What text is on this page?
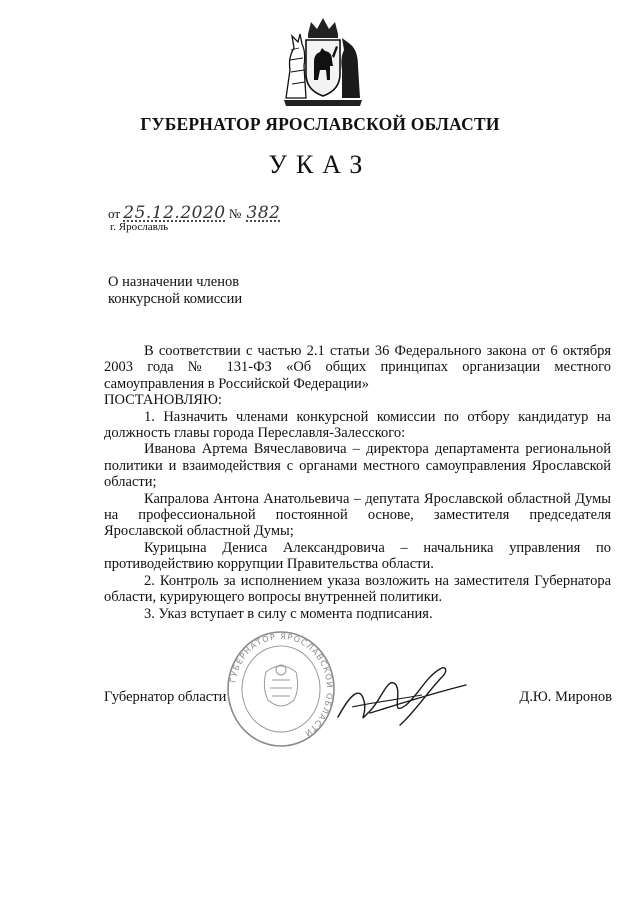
ГУБЕРНАТОР ЯРОСЛАВСКОЙ ОБЛАСТИ
УКАЗ
от 25.12.2020 № 382
г. Ярославль
О назначении членов
конкурсной комиссии

В соответствии с частью 2.1 статьи 36 Федерального закона от 6 октября 2003 года № 131-ФЗ «Об общих принципах организации местного самоуправления в Российской Федерации»

ПОСТАНОВЛЯЮ:

1. Назначить членами конкурсной комиссии по отбору кандидатур на должность главы города Переславля-Залесского:

Иванова Артема Вячеславовича – директора департамента региональной политики и взаимодействия с органами местного самоуправления Ярославской области;

Капралова Антона Анатольевича – депутата Ярославской областной Думы на профессиональной постоянной основе, заместителя председателя Ярославской областной Думы;

Курицына Дениса Александровича – начальника управления по противодействию коррупции Правительства области.

2. Контроль за исполнением указа возложить на заместителя Губернатора области, курирующего вопросы внутренней политики.

3. Указ вступает в силу с момента подписания.

ГУБЕРНАТОР ЯРОСЛАВСКОЙ ОБЛАСТИ
Губернатор области	Д.Ю. Миронов
